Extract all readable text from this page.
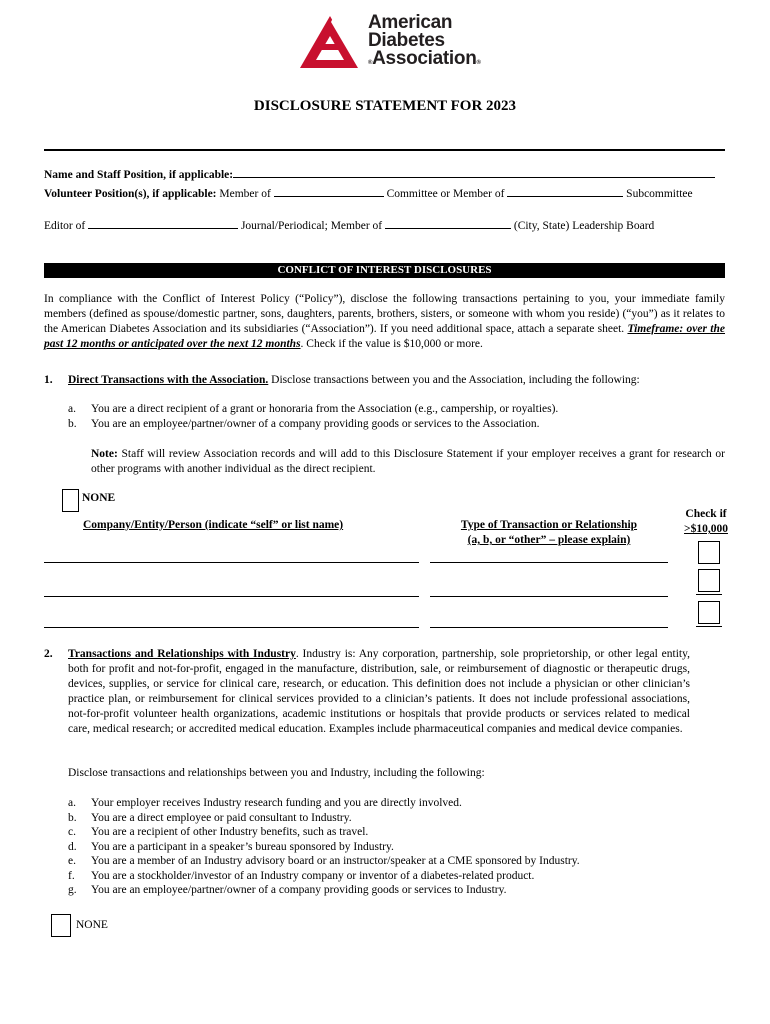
American
Diabetes
®Association®
DISCLOSURE STATEMENT FOR 2023
Name and Staff Position, if applicable:
Volunteer Position(s), if applicable: Member of	Committee or Member of	Subcommittee
Editor of	Journal/Periodical; Member of	(City, State) Leadership Board
CONFLICT OF INTEREST DISCLOSURES
In compliance with the Conflict of Interest Policy (“Policy”), disclose the following transactions pertaining to you, your immediate family members (defined as spouse/domestic partner, sons, daughters, parents, brothers, sisters, or someone with whom you reside) (“you”) as it relates to the American Diabetes Association and its subsidiaries (“Association”). If you need additional space, attach a separate sheet. Timeframe: over the past 12 months or anticipated over the next 12 months. Check if the value is $10,000 or more.
1. Direct Transactions with the Association. Disclose transactions between you and the Association, including the following:
a. You are a direct recipient of a grant or honoraria from the Association (e.g., campership, or royalties).
b. You are an employee/partner/owner of a company providing goods or services to the Association.
Note: Staff will review Association records and will add to this Disclosure Statement if your employer receives a grant for research or other programs with another individual as the direct recipient.
NONE
Company/Entity/Person (indicate “self” or list name)	Type of Transaction or Relationship
(a, b, or “other” – please explain)
Check if
>$10,000
2.	Transactions and Relationships with Industry. Industry is: Any corporation, partnership, sole proprietorship, or other legal entity, both for profit and not-for-profit, engaged in the manufacture, distribution, sale, or reimbursement of diagnostic or therapeutic drugs, devices, supplies, or service for clinical care, research, or education. This definition does not include a physician or other clinician’s practice plan, or reimbursement for clinical services provided to a clinician’s patients. It does not include professional associations, not-for-profit volunteer health organizations, academic institutions or hospitals that provide products or services related to medical care, medical research; or accredited medical education. Examples include pharmaceutical companies and medical device companies.
Disclose transactions and relationships between you and Industry, including the following:
a. Your employer receives Industry research funding and you are directly involved.
b. You are a direct employee or paid consultant to Industry.
c. You are a recipient of other Industry benefits, such as travel.
d. You are a participant in a speaker’s bureau sponsored by Industry.
e. You are a member of an Industry advisory board or an instructor/speaker at a CME sponsored by Industry.
f. You are a stockholder/investor of an Industry company or inventor of a diabetes-related product.
g. You are an employee/partner/owner of a company providing goods or services to Industry.
NONE
